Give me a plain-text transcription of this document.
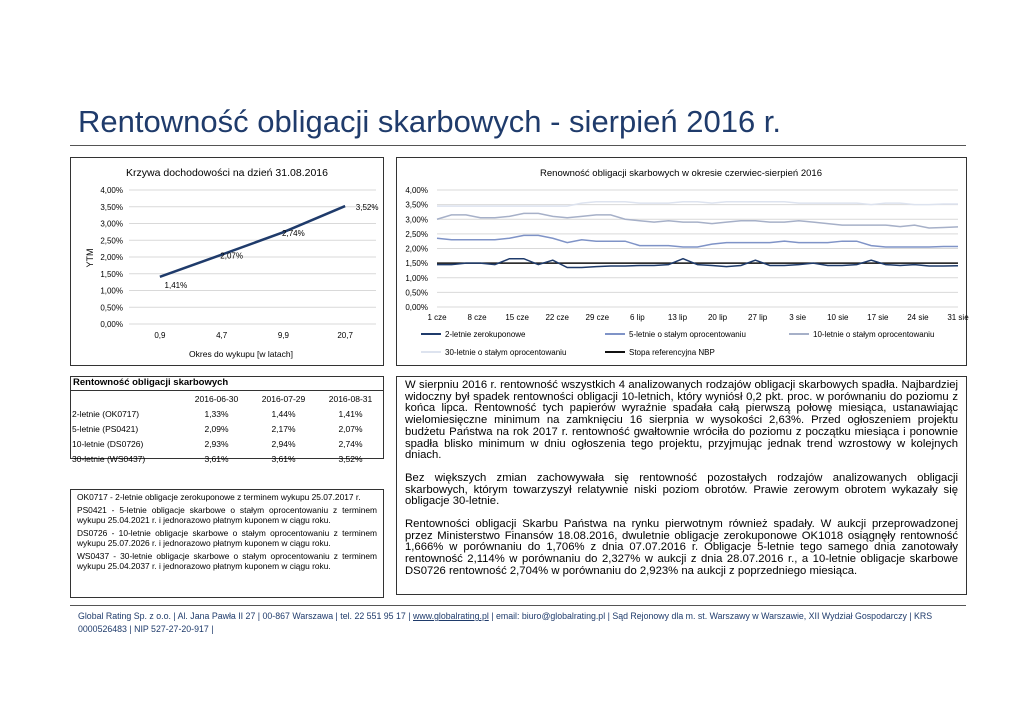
Rentowność obligacji skarbowych - sierpień 2016 r.
Krzywa dochodowości na dzień 31.08.2016
YTM
Okres do wykupu [w latach]
4,00%
3,50%
3,00%
2,50%
2,00%
1,50%
1,00%
0,50%
0,00%
0,9	4,7	9,9	20,7
1,41%
2,07%
2,74%
3,52%
Renowność obligacji skarbowych w okresie czerwiec-sierpień 2016
4,00%
3,50%
3,00%
2,50%
2,00%
1,50%
1,00%
0,50%
0,00%
1 cze	8 cze 15 cze 22 cze 29 cze	6 lip	13 lip	20 lip	27 lip	3 sie	10 sie 17 sie 24 sie 31 sie
2-letnie zerokuponowe	5-letnie o stałym oprocentowaniu	10-letnie o stałym oprocentowaniu
30-letnie o stałym oprocentowaniu	Stopa referencyjna NBP
Rentowność obligacji skarbowych
	2016-06-30	2016-07-29	2016-08-31
2-letnie (OK0717)	1,33%	1,44%	1,41%
5-letnie (PS0421)	2,09%	2,17%	2,07%
10-letnie (DS0726)	2,93%	2,94%	2,74%
30-letnie (WS0437)	3,61%	3,61%	3,52%

OK0717 - 2-letnie obligacje zerokuponowe z terminem wykupu 25.07.2017 r.

PS0421 - 5-letnie obligacje skarbowe o stałym oprocentowaniu z terminem wykupu 25.04.2021 r. i jednorazowo płatnym kuponem w ciągu roku.

DS0726 - 10-letnie obligacje skarbowe o stałym oprocentowaniu z terminem wykupu 25.07.2026 r. i jednorazowo płatnym kuponem w ciągu roku.

WS0437 - 30-letnie obligacje skarbowe o stałym oprocentowaniu z terminem wykupu 25.04.2037 r. i jednorazowo płatnym kuponem w ciągu roku.

W sierpniu 2016 r. rentowność wszystkich 4 analizowanych rodzajów obligacji skarbowych spadła. Najbardziej widoczny był spadek rentowności obligacji 10-letnich, który wyniósł 0,2 pkt. proc. w porównaniu do poziomu z końca lipca. Rentowność tych papierów wyraźnie spadała całą pierwszą połowę miesiąca, ustanawiając wielomiesięczne minimum na zamknięciu 16 sierpnia w wysokości 2,63%. Przed ogłoszeniem projektu budżetu Państwa na rok 2017 r. rentowność gwałtownie wróciła do poziomu z początku miesiąca i ponownie spadła blisko minimum w dniu ogłoszenia tego projektu, przyjmując jednak trend wzrostowy w kolejnych dniach.

Bez większych zmian zachowywała się rentowność pozostałych rodzajów analizowanych obligacji skarbowych, którym towarzyszył relatywnie niski poziom obrotów. Prawie zerowym obrotem wykazały się obligacje 30-letnie.

Rentowności obligacji Skarbu Państwa na rynku pierwotnym również spadały. W aukcji przeprowadzonej przez Ministerstwo Finansów 18.08.2016, dwuletnie obligacje zerokuponowe OK1018 osiągnęły rentowność 1,666% w porównaniu do 1,706% z dnia 07.07.2016 r. Obligacje 5-letnie tego samego dnia zanotowały rentowność 2,114% w porównaniu do 2,327% w aukcji z dnia 28.07.2016 r., a 10-letnie obligacje skarbowe DS0726 rentowność 2,704% w porównaniu do 2,923% na aukcji z poprzedniego miesiąca.

Global Rating Sp. z o.o. | Al. Jana Pawła II 27 | 00-867 Warszawa | tel. 22 551 95 17 | www.globalrating.pl | email: biuro@globalrating.pl | Sąd Rejonowy dla m. st. Warszawy w Warszawie, XII Wydział Gospodarczy | KRS 0000526483 | NIP 527-27-20-917 |
